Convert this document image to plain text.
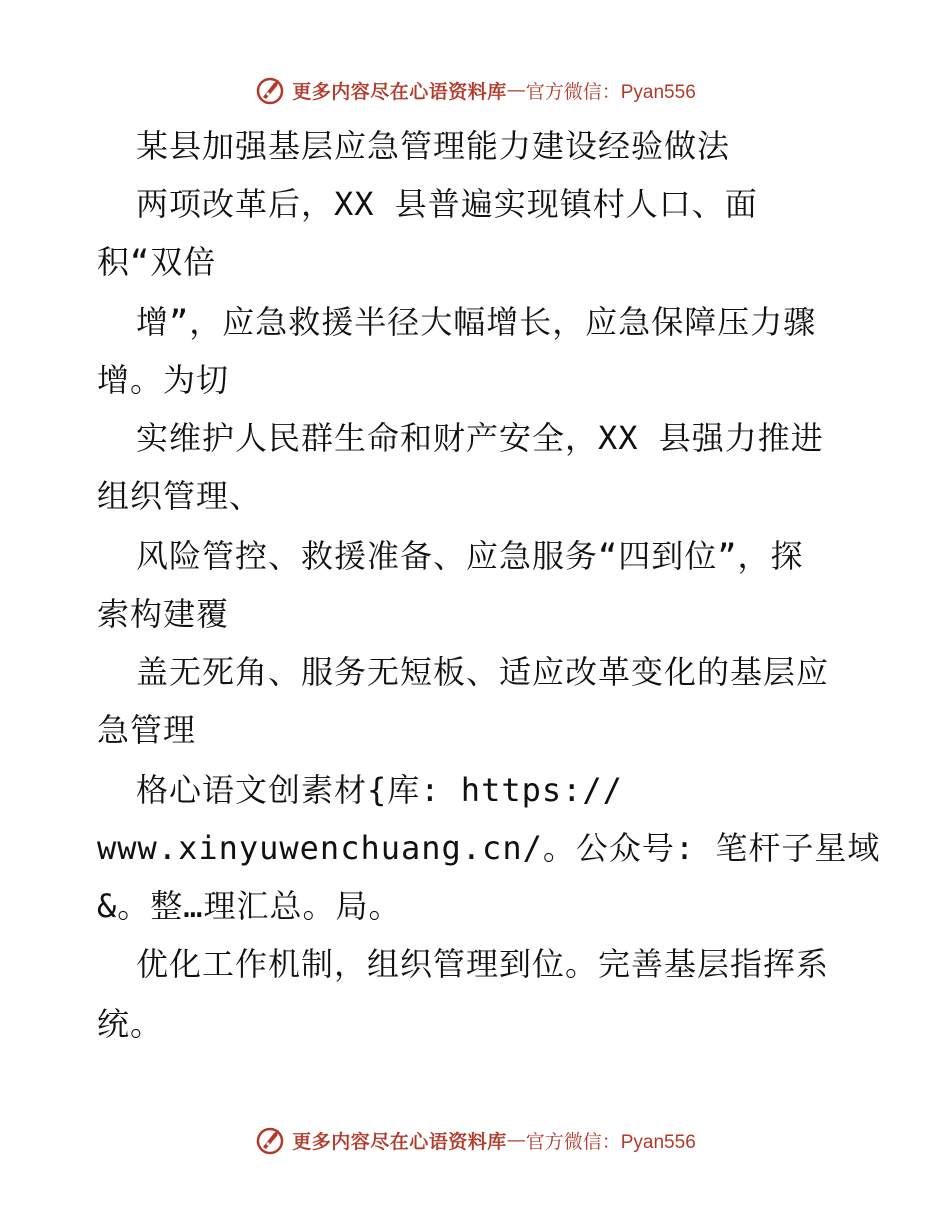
更多内容尽在心语资料库 — 官方微信：Pyan556
某县加强基层应急管理能力建设经验做法
两项改革后，XX 县普遍实现镇村人口、面
积“双倍
增”，应急救援半径大幅增长，应急保障压力骤
增。为切
实维护人民群生命和财产安全，XX 县强力推进
组织管理、
风险管控、救援准备、应急服务“四到位”，探
索构建覆
盖无死角、服务无短板、适应改革变化的基层应
急管理
格心语文创素材{库: https://
www.xinyuwenchuang.cn/。公众号: 笔杆子星域
&。整…理汇总。局。
优化工作机制，组织管理到位。完善基层指挥系
统。
更多内容尽在心语资料库 — 官方微信：Pyan556
